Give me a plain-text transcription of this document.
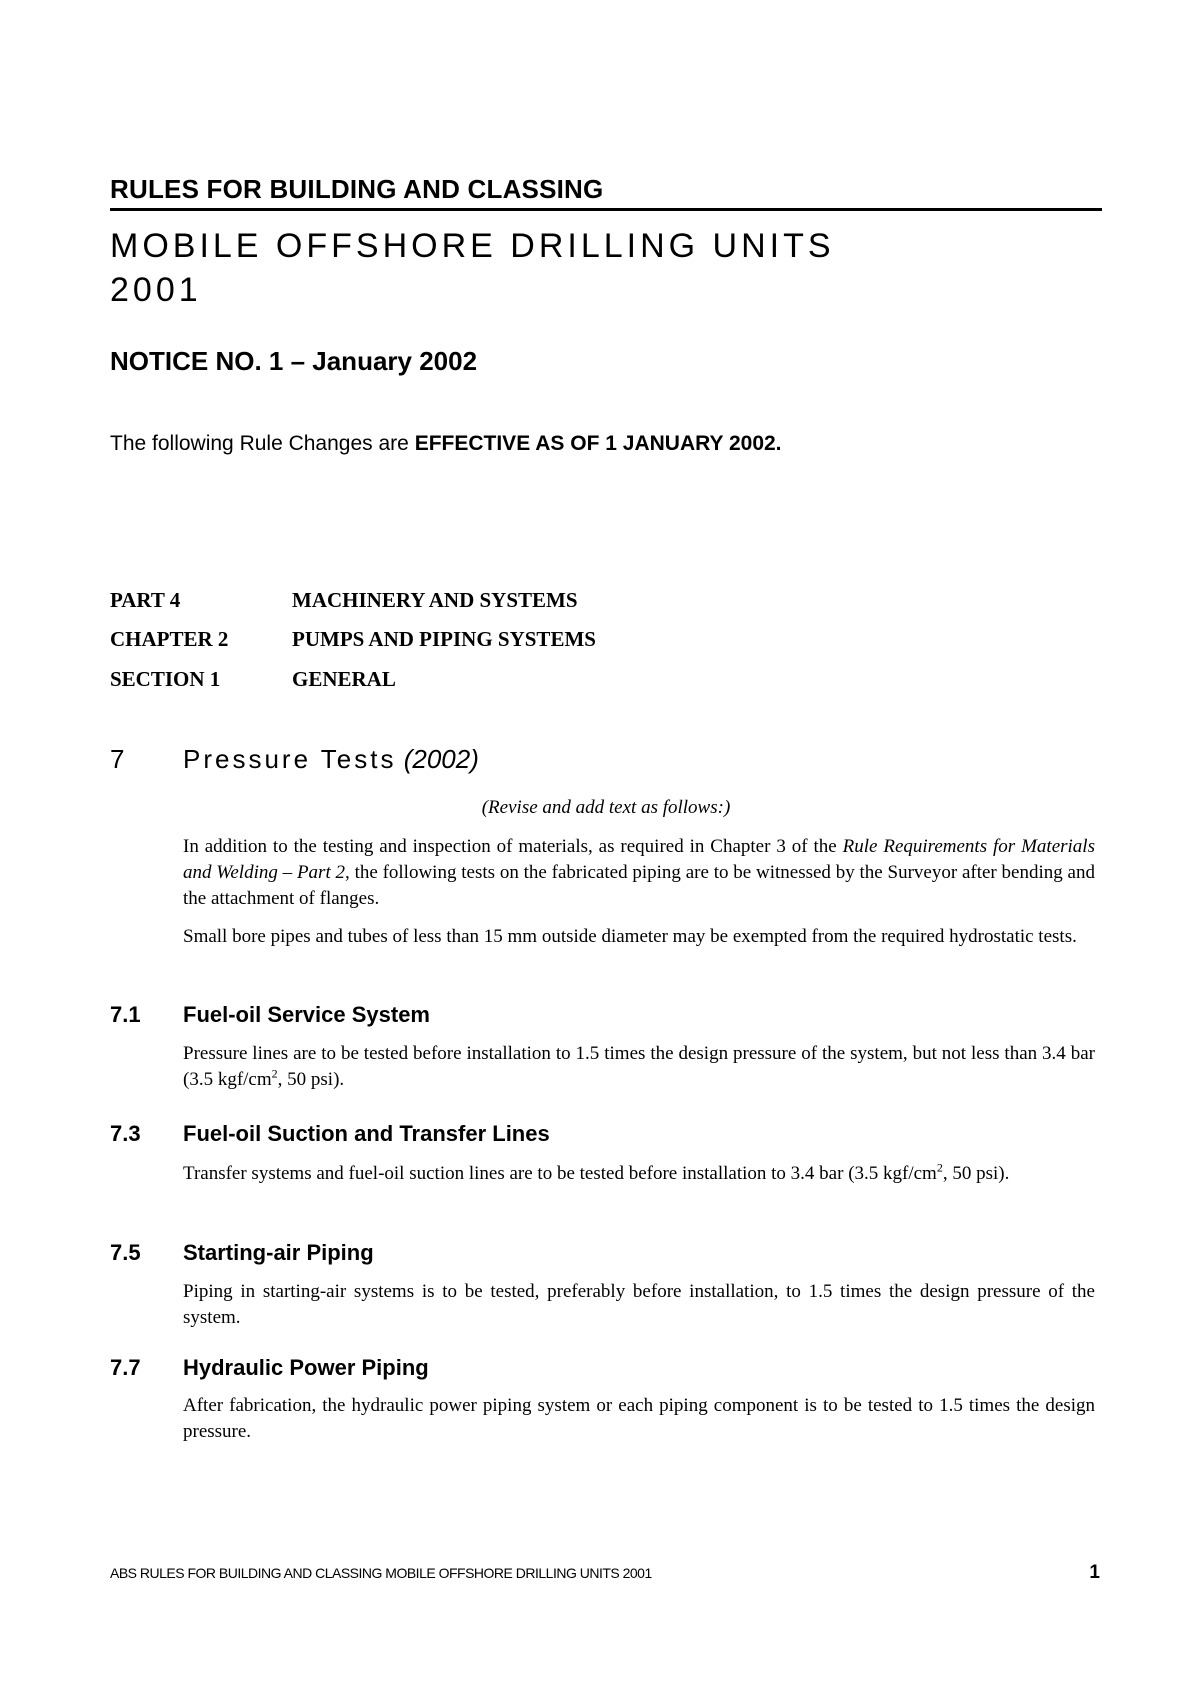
RULES FOR BUILDING AND CLASSING
MOBILE OFFSHORE DRILLING UNITS
2001
NOTICE NO. 1 – January 2002
The following Rule Changes are EFFECTIVE AS OF 1 JANUARY 2002.
PART 4	MACHINERY AND SYSTEMS
CHAPTER 2	PUMPS AND PIPING SYSTEMS
SECTION 1	GENERAL
7 Pressure Tests (2002)
(Revise and add text as follows:)
In addition to the testing and inspection of materials, as required in Chapter 3 of the Rule Requirements for Materials and Welding – Part 2, the following tests on the fabricated piping are to be witnessed by the Surveyor after bending and the attachment of flanges.
Small bore pipes and tubes of less than 15 mm outside diameter may be exempted from the required hydrostatic tests.
7.1 Fuel-oil Service System
Pressure lines are to be tested before installation to 1.5 times the design pressure of the system, but not less than 3.4 bar (3.5 kgf/$cm^2$, 50 psi).
7.3 Fuel-oil Suction and Transfer Lines
Transfer systems and fuel-oil suction lines are to be tested before installation to 3.4 bar (3.5 kgf/$cm^2$, 50 psi).
7.5 Starting-air Piping
Piping in starting-air systems is to be tested, preferably before installation, to 1.5 times the design pressure of the system.
7.7 Hydraulic Power Piping
After fabrication, the hydraulic power piping system or each piping component is to be tested to 1.5 times the design pressure.
ABS RULES FOR BUILDING AND CLASSING MOBILE OFFSHORE DRILLING UNITS 2001	1
